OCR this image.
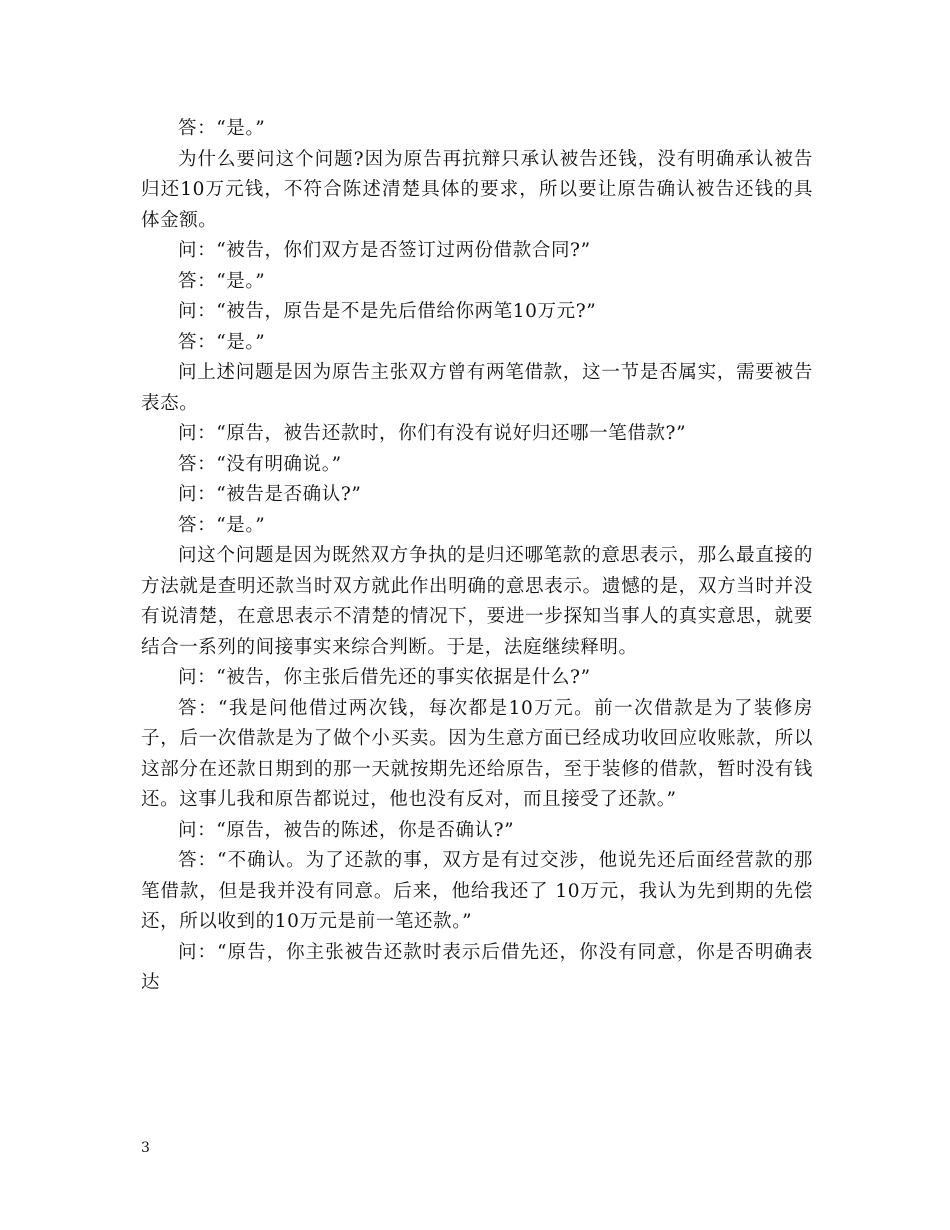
答：“是。”

为什么要问这个问题?因为原告再抗辩只承认被告还钱，没有明确承认被告归还10万元钱，不符合陈述清楚具体的要求，所以要让原告确认被告还钱的具体金额。

问：“被告，你们双方是否签订过两份借款合同?”

答：“是。”

问：“被告，原告是不是先后借给你两笔10万元?”

答：“是。”

问上述问题是因为原告主张双方曾有两笔借款，这一节是否属实，需要被告表态。

问：“原告，被告还款时，你们有没有说好归还哪一笔借款?”

答：“没有明确说。”

问：“被告是否确认?”

答：“是。”

问这个问题是因为既然双方争执的是归还哪笔款的意思表示，那么最直接的方法就是查明还款当时双方就此作出明确的意思表示。遗憾的是，双方当时并没有说清楚，在意思表示不清楚的情况下，要进一步探知当事人的真实意思，就要结合一系列的间接事实来综合判断。于是，法庭继续释明。

问：“被告，你主张后借先还的事实依据是什么?”

答：“我是问他借过两次钱，每次都是10万元。前一次借款是为了装修房子，后一次借款是为了做个小买卖。因为生意方面已经成功收回应收账款，所以这部分在还款日期到的那一天就按期先还给原告，至于装修的借款，暂时没有钱还。这事儿我和原告都说过，他也没有反对，而且接受了还款。”

问：“原告，被告的陈述，你是否确认?”

答：“不确认。为了还款的事，双方是有过交涉，他说先还后面经营款的那笔借款，但是我并没有同意。后来，他给我还了 10万元，我认为先到期的先偿还，所以收到的10万元是前一笔还款。”

问：“原告，你主张被告还款时表示后借先还，你没有同意，你是否明确表达

3
